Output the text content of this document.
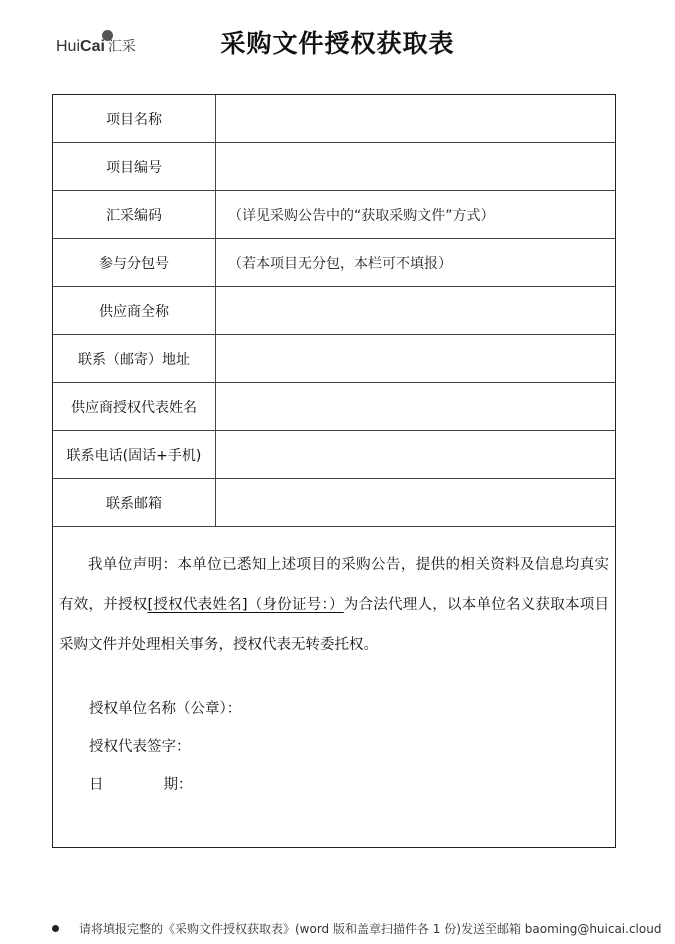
HuiCai 汇采	采购文件授权获取表
项目名称
项目编号
汇采编码	（详见采购公告中的“获取采购文件”方式）
参与分包号	（若本项目无分包，本栏可不填报）
供应商全称
联系（邮寄）地址
供应商授权代表姓名
联系电话(固话+手机)
联系邮箱

我单位声明：本单位已悉知上述项目的采购公告，提供的相关资料及信息均真实有效，并授权[授权代表姓名]（身份证号：）为合法代理人，以本单位名义获取本项目采购文件并处理相关事务，授权代表无转委托权。

授权单位名称（公章）：
授权代表签字：
日	期：
请将填报完整的《采购文件授权获取表》(word 版和盖章扫描件各 1 份)发送至邮箱 baoming@huicai.cloud
